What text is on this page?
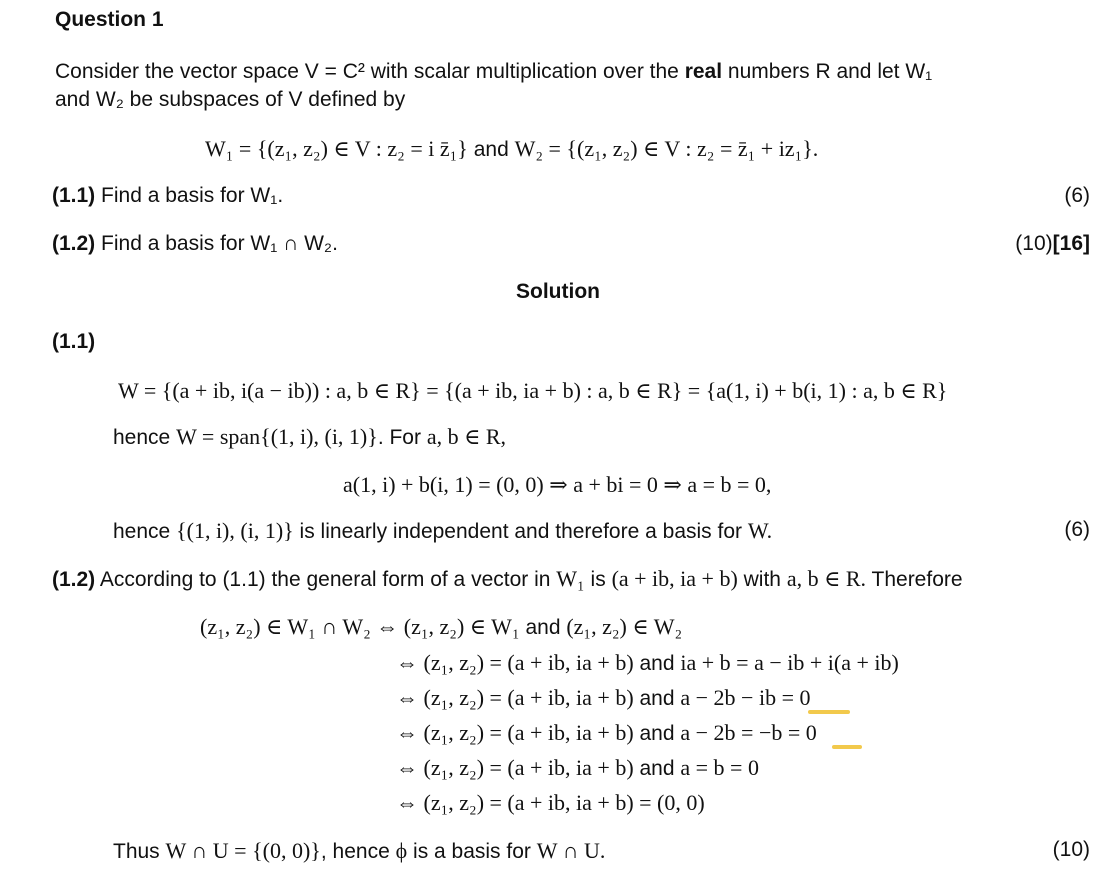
Question 1
Consider the vector space V = C² with scalar multiplication over the real numbers R and let W₁
and W₂ be subspaces of V defined by
W₁ = {(z₁, z₂) ∈ V : z₂ = i z̄₁} and W₂ = {(z₁, z₂) ∈ V : z₂ = z̄₁ + iz₁}.
(1.1) Find a basis for W₁.	(6)
(1.2) Find a basis for W₁ ∩ W₂.	(10)[16]
Solution
(1.1)
W = {(a + ib, i(a − ib)) : a, b ∈ R} = {(a + ib, ia + b) : a, b ∈ R} = {a(1, i) + b(i, 1) : a, b ∈ R}
hence W = span{(1, i), (i, 1)}. For a, b ∈ R,
a(1, i) + b(i, 1) = (0, 0) ⇒ a + bi = 0 ⇒ a = b = 0,
hence {(1, i), (i, 1)} is linearly independent and therefore a basis for W.	(6)
(1.2) According to (1.1) the general form of a vector in W₁ is (a + ib, ia + b) with a, b ∈ R. Therefore
(z₁, z₂) ∈ W₁ ∩ W₂ ⇔ (z₁, z₂) ∈ W₁ and (z₁, z₂) ∈ W₂
⇔ (z₁, z₂) = (a + ib, ia + b) and ia + b = a − ib + i(a + ib)
⇔ (z₁, z₂) = (a + ib, ia + b) and a − 2b − ib = 0
⇔ (z₁, z₂) = (a + ib, ia + b) and a − 2b = −b = 0
⇔ (z₁, z₂) = (a + ib, ia + b) and a = b = 0
⇔ (z₁, z₂) = (a + ib, ia + b) = (0, 0)
Thus W ∩ U = {(0, 0)}, hence ϕ is a basis for W ∩ U.	(10)
